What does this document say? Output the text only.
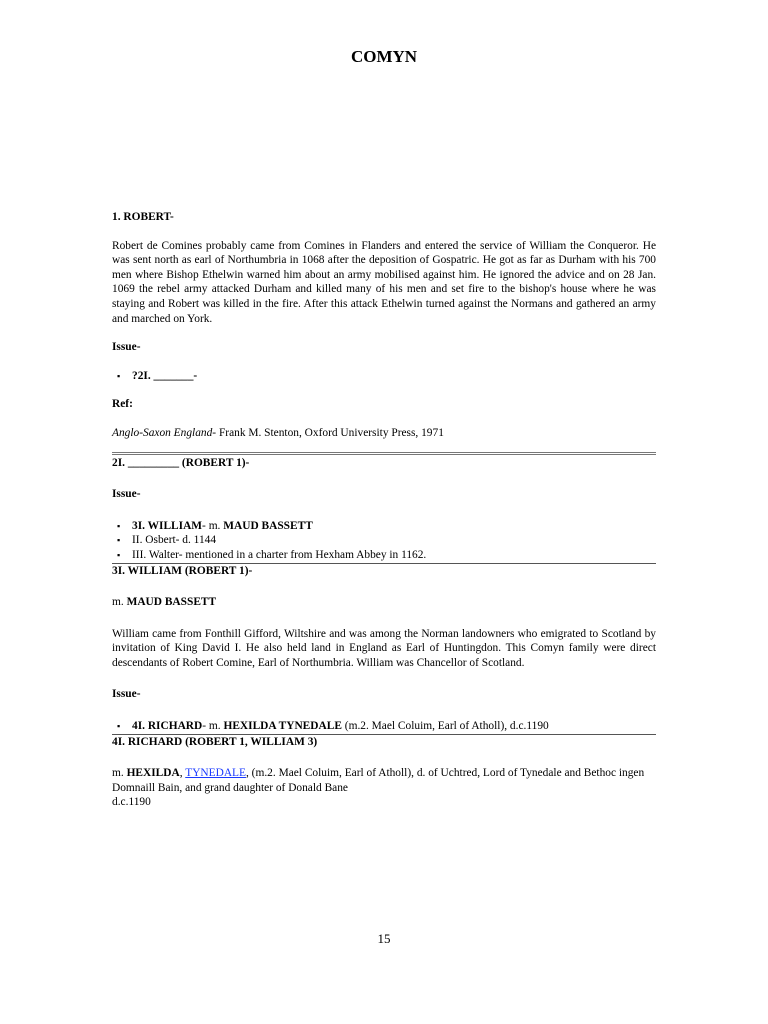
COMYN

1. ROBERT-

Robert de Comines probably came from Comines in Flanders and entered the service of William the Conqueror. He was sent north as earl of Northumbria in 1068 after the deposition of Gospatric. He got as far as Durham with his 700 men where Bishop Ethelwin warned him about an army mobilised against him. He ignored the advice and on 28 Jan. 1069 the rebel army attacked Durham and killed many of his men and set fire to the bishop's house where he was staying and Robert was killed in the fire. After this attack Ethelwin turned against the Normans and gathered an army and marched on York.

Issue-

▪ ?2I. _______-

Ref:

Anglo-Saxon England- Frank M. Stenton, Oxford University Press, 1971

2I. _________ (ROBERT 1)-

Issue-

▪ 3I. WILLIAM- m. MAUD BASSETT
▪ II. Osbert- d. 1144
▪ III. Walter- mentioned in a charter from Hexham Abbey in 1162.

3I. WILLIAM (ROBERT 1)-

m. MAUD BASSETT

William came from Fonthill Gifford, Wiltshire and was among the Norman landowners who emigrated to Scotland by invitation of King David I. He also held land in England as Earl of Huntingdon. This Comyn family were direct descendants of Robert Comine, Earl of Northumbria. William was Chancellor of Scotland.

Issue-

▪ 4I. RICHARD- m. HEXILDA TYNEDALE (m.2. Mael Coluim, Earl of Atholl), d.c.1190

4I. RICHARD (ROBERT 1, WILLIAM 3)

m. HEXILDA, TYNEDALE, (m.2. Mael Coluim, Earl of Atholl), d. of Uchtred, Lord of Tynedale and Bethoc ingen Domnaill Bain, and grand daughter of Donald Bane

d.c.1190

15
